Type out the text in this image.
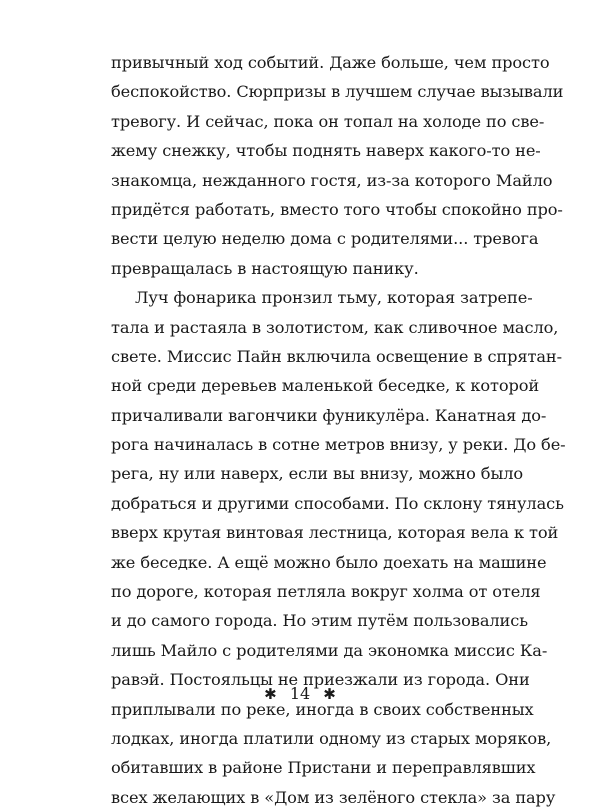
привычный ход событий. Даже больше, чем просто
беспокойство. Сюрпризы в лучшем случае вызывали
тревогу. И сейчас, пока он топал на холоде по све-
жему снежку, чтобы поднять наверх какого-то не-
знакомца, нежданного гостя, из-за которого Майло
придётся работать, вместо того чтобы спокойно про-
вести целую неделю дома с родителями... тревога
превращалась в настоящую панику.
Луч фонарика пронзил тьму, которая затрепе-
тала и растаяла в золотистом, как сливочное масло,
свете. Миссис Пайн включила освещение в спрятан-
ной среди деревьев маленькой беседке, к которой
причаливали вагончики фуникулёра. Канатная до-
рога начиналась в сотне метров внизу, у реки. До бе-
рега, ну или наверх, если вы внизу, можно было
добраться и другими способами. По склону тянулась
вверх крутая винтовая лестница, которая вела к той
же беседке. А ещё можно было доехать на машине
по дороге, которая петляла вокруг холма от отеля
и до самого города. Но этим путём пользовались
лишь Майло с родителями да экономка миссис Ка-
равэй. Постояльцы не приезжали из города. Они
приплывали по реке, иногда в своих собственных
лодках, иногда платили одному из старых моряков,
обитавших в районе Пристани и переправлявших
всех желающих в «Дом из зелёного стекла» за пару
✱ 14 ✱
